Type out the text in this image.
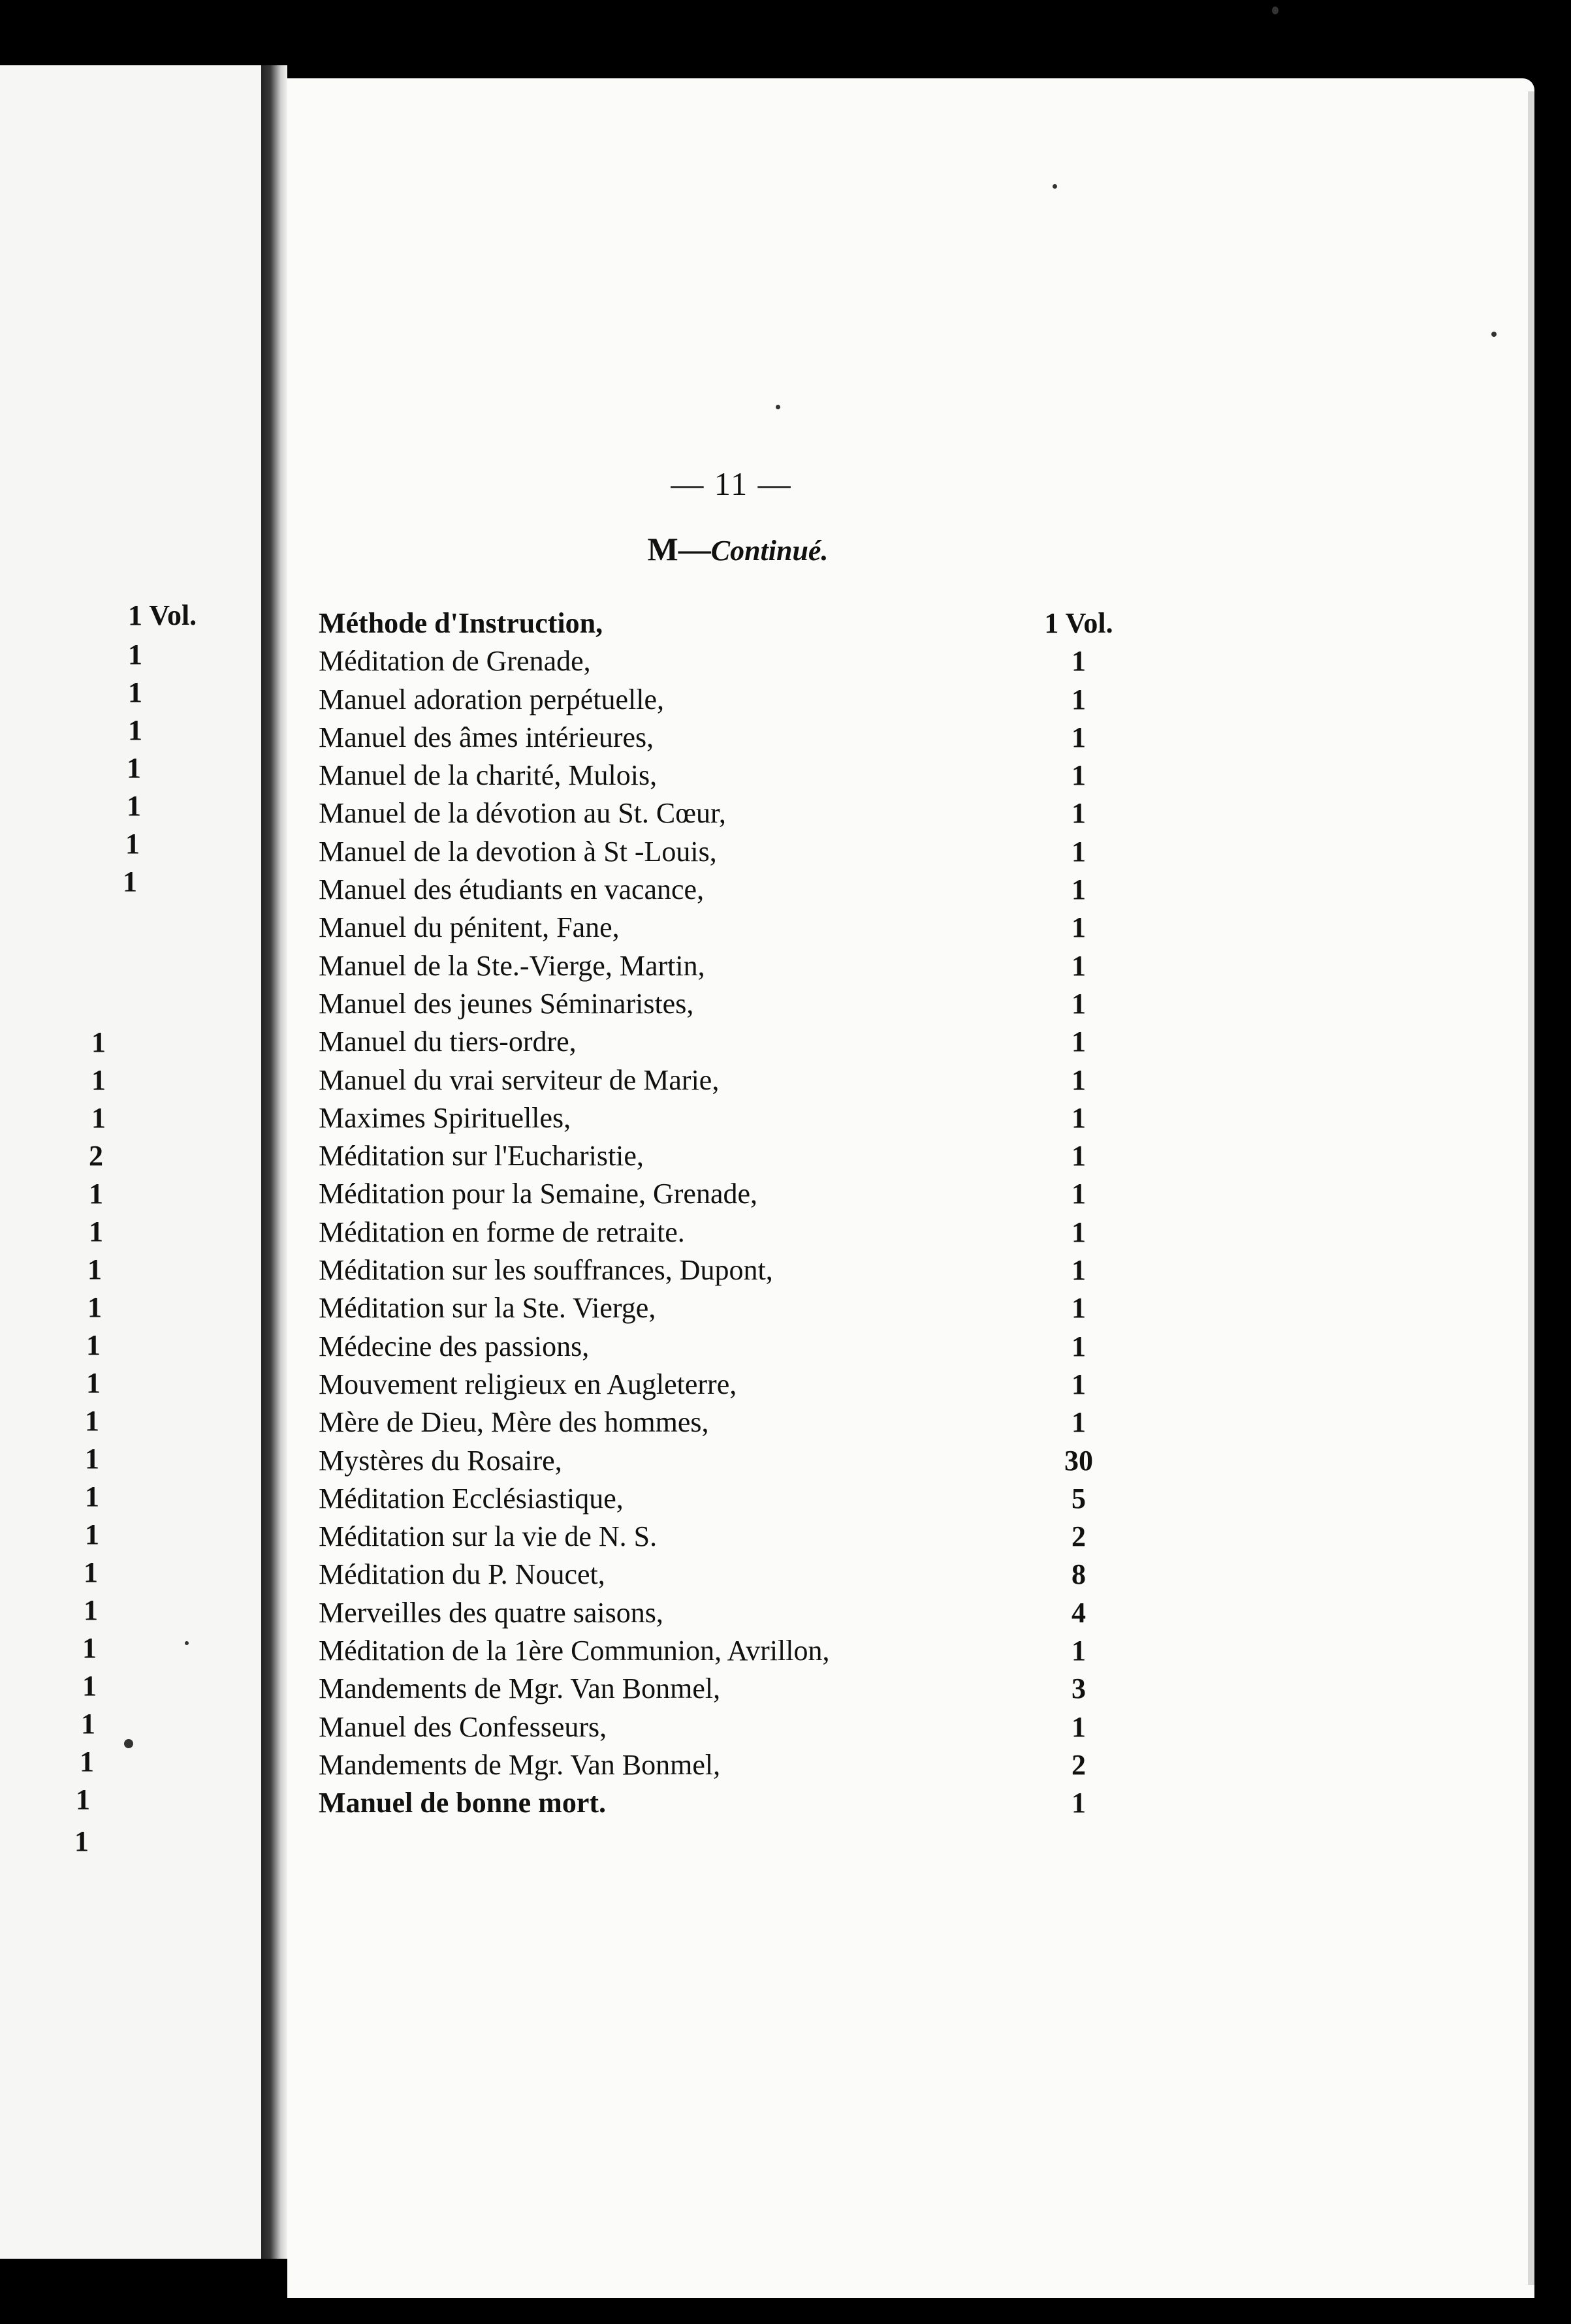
1 Vol.
1
1
1
1
1
1
1
1
1
1
2
1
1
1
1
1
1
1
1
1
1
1
1
1
1
1
1
1
1
— 11 —
M—Continué.
Méthode d'Instruction,	1 Vol.
Méditation de Grenade,	1
Manuel adoration perpétuelle,	1
Manuel des âmes intérieures,	1
Manuel de la charité, Mulois,	1
Manuel de la dévotion au St. Cœur,	1
Manuel de la devotion à St -Louis,	1
Manuel des étudiants en vacance,	1
Manuel du pénitent, Fane,	1
Manuel de la Ste.-Vierge, Martin,	1
Manuel des jeunes Séminaristes,	1
Manuel du tiers-ordre,	1
Manuel du vrai serviteur de Marie,	1
Maximes Spirituelles,	1
Méditation sur l'Eucharistie,	1
Méditation pour la Semaine, Grenade,	1
Méditation en forme de retraite.	1
Méditation sur les souffrances, Dupont,	1
Méditation sur la Ste. Vierge,	1
Médecine des passions,	1
Mouvement religieux en Augleterre,	1
Mère de Dieu, Mère des hommes,	1
Mystères du Rosaire,	30
Méditation Ecclésiastique,	5
Méditation sur la vie de N. S.	2
Méditation du P. Noucet,	8
Merveilles des quatre saisons,	4
Méditation de la 1ère Communion, Avrillon,	1
Mandements de Mgr. Van Bonmel,	3
Manuel des Confesseurs,	1
Mandements de Mgr. Van Bonmel,	2
Manuel de bonne mort.	1
